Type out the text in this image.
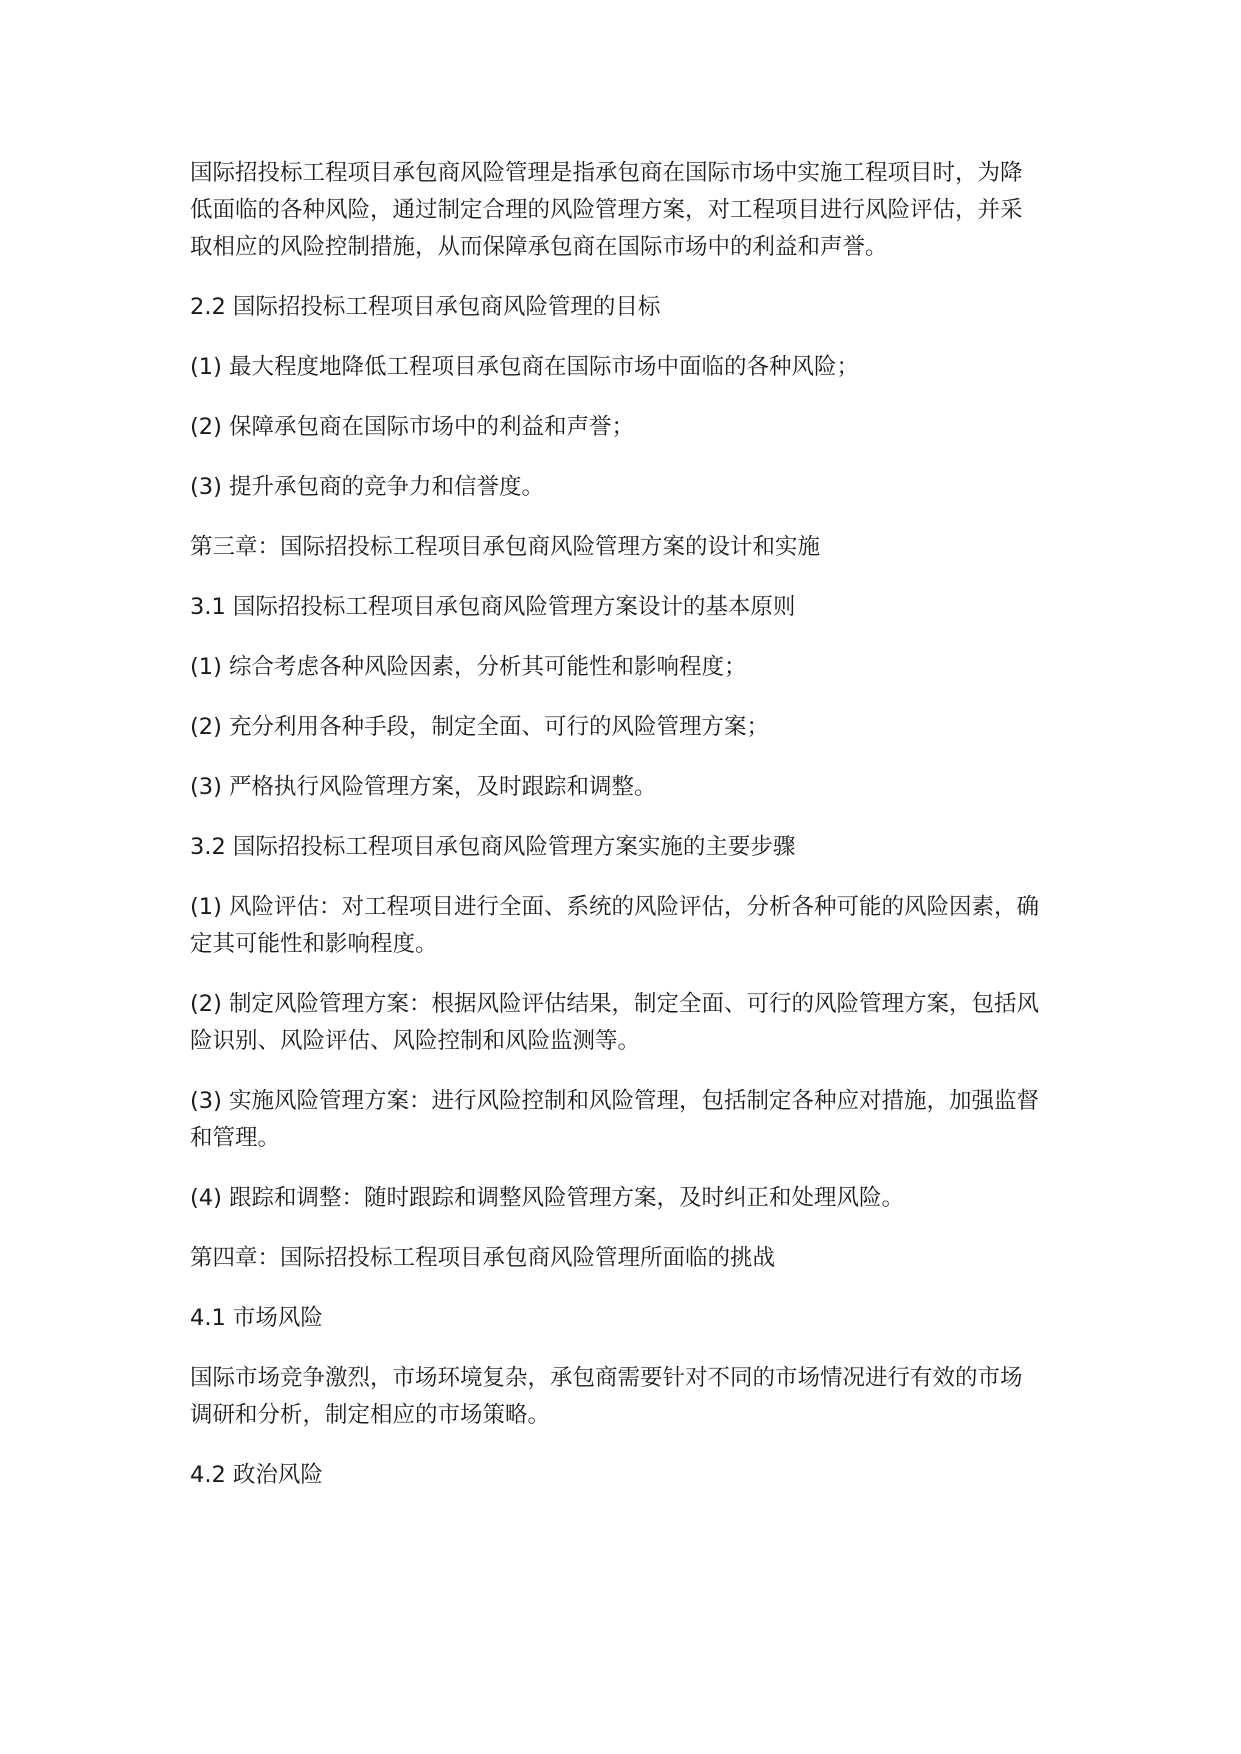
国际招投标工程项目承包商风险管理是指承包商在国际市场中实施工程项目时，为降
低面临的各种风险，通过制定合理的风险管理方案，对工程项目进行风险评估，并采
取相应的风险控制措施，从而保障承包商在国际市场中的利益和声誉。

2.2 国际招投标工程项目承包商风险管理的目标

(1) 最大程度地降低工程项目承包商在国际市场中面临的各种风险；

(2) 保障承包商在国际市场中的利益和声誉；

(3) 提升承包商的竞争力和信誉度。

第三章：国际招投标工程项目承包商风险管理方案的设计和实施

3.1 国际招投标工程项目承包商风险管理方案设计的基本原则

(1) 综合考虑各种风险因素，分析其可能性和影响程度；

(2) 充分利用各种手段，制定全面、可行的风险管理方案；

(3) 严格执行风险管理方案，及时跟踪和调整。

3.2 国际招投标工程项目承包商风险管理方案实施的主要步骤

(1) 风险评估：对工程项目进行全面、系统的风险评估，分析各种可能的风险因素，确
定其可能性和影响程度。

(2) 制定风险管理方案：根据风险评估结果，制定全面、可行的风险管理方案，包括风
险识别、风险评估、风险控制和风险监测等。

(3) 实施风险管理方案：进行风险控制和风险管理，包括制定各种应对措施，加强监督
和管理。

(4) 跟踪和调整：随时跟踪和调整风险管理方案，及时纠正和处理风险。

第四章：国际招投标工程项目承包商风险管理所面临的挑战

4.1 市场风险

国际市场竞争激烈，市场环境复杂，承包商需要针对不同的市场情况进行有效的市场
调研和分析，制定相应的市场策略。

4.2 政治风险
